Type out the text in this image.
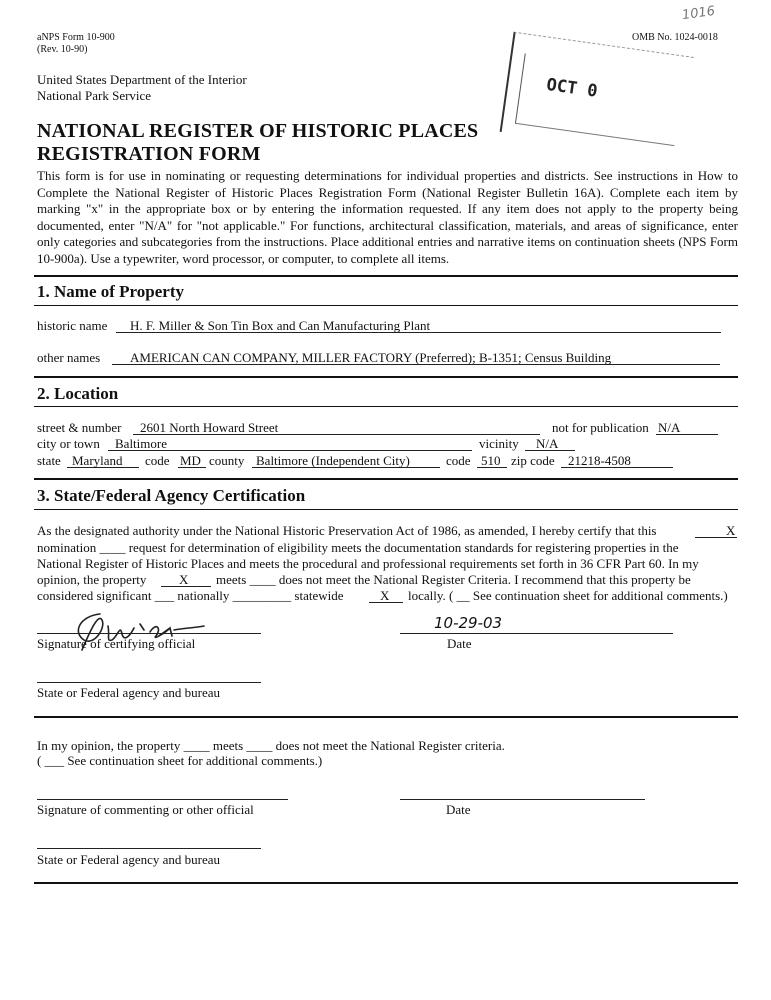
aNPS Form 10-900
(Rev. 10-90)
OMB No. 1024-0018
1016
United States Department of the Interior
National Park Service
NATIONAL REGISTER OF HISTORIC PLACES
REGISTRATION FORM
OCT 0
This form is for use in nominating or requesting determinations for individual properties and districts. See instructions in How to Complete the National Register of Historic Places Registration Form (National Register Bulletin 16A). Complete each item by marking "x" in the appropriate box or by entering the information requested. If any item does not apply to the property being documented, enter "N/A" for "not applicable." For functions, architectural classification, materials, and areas of significance, enter only categories and subcategories from the instructions. Place additional entries and narrative items on continuation sheets (NPS Form 10-900a). Use a typewriter, word processor, or computer, to complete all items.
1. Name of Property
historic name H. F. Miller & Son Tin Box and Can Manufacturing Plant
other names AMERICAN CAN COMPANY, MILLER FACTORY (Preferred); B-1351; Census Building
2. Location
street & number 2601 North Howard Street	not for publication N/A
city or town Baltimore	vicinity N/A
state Maryland code MD county Baltimore (Independent City)	code 510 zip code 21218-4508
3. State/Federal Agency Certification
As the designated authority under the National Historic Preservation Act of 1986, as amended, I hereby certify that this	X
nomination ____ request for determination of eligibility meets the documentation standards for registering properties in the
National Register of Historic Places and meets the procedural and professional requirements set forth in 36 CFR Part 60. In my
opinion, the property	X meets ____ does not meet the National Register Criteria. I recommend that this property be
considered significant ___ nationally _________ statewide	X locally. ( __ See continuation sheet for additional comments.)
Signature of certifying official
10-29-03
Date
State or Federal agency and bureau
In my opinion, the property ____ meets ____ does not meet the National Register criteria.
( ___ See continuation sheet for additional comments.)
Signature of commenting or other official	Date
State or Federal agency and bureau
